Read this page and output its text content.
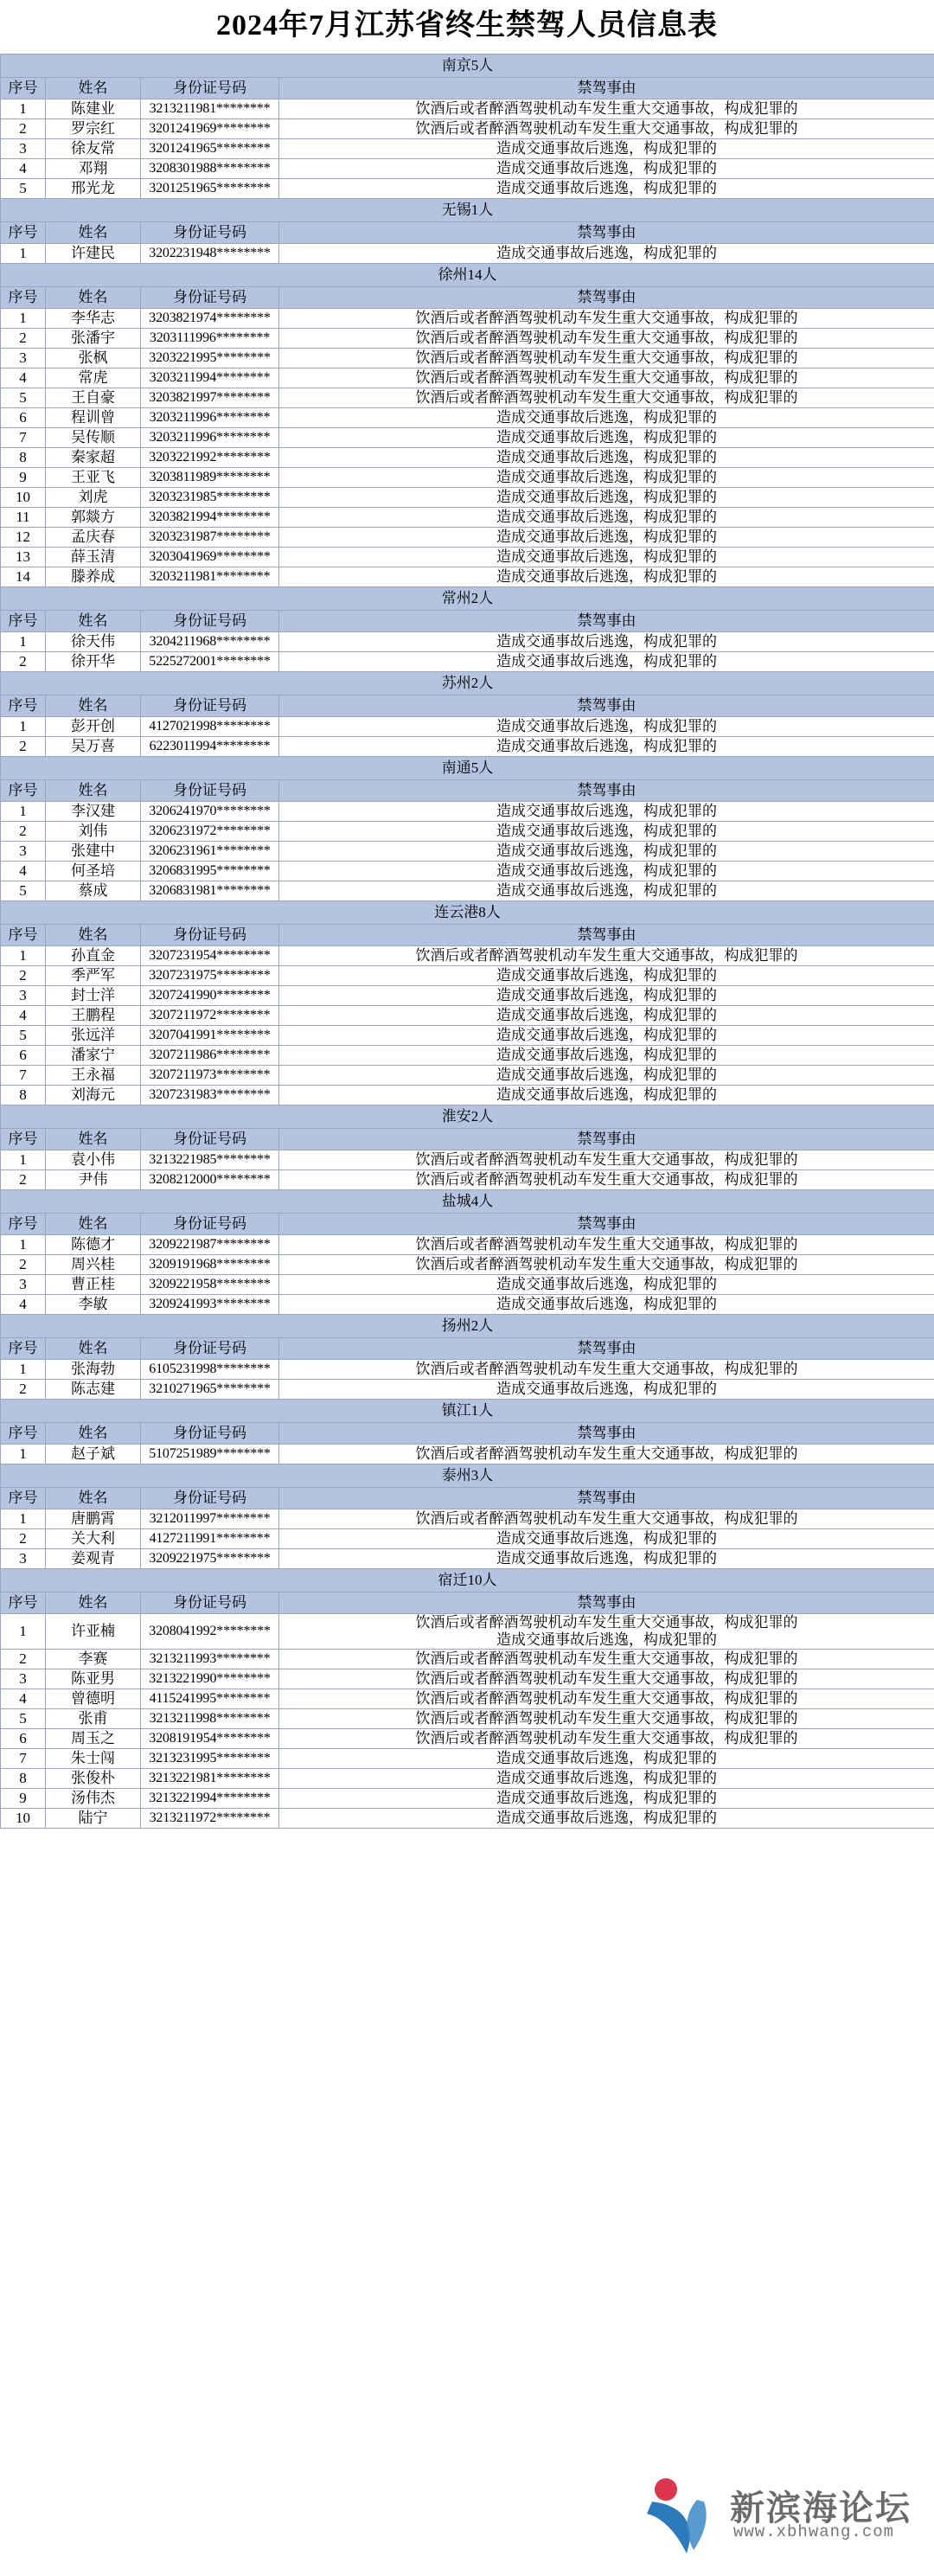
2024年7月江苏省终生禁驾人员信息表
南京5人			
序号	姓名	身份证号码	禁驾事由
1	陈建业	3213211981********	饮酒后或者醉酒驾驶机动车发生重大交通事故，构成犯罪的
2	罗宗红	3201241969********	饮酒后或者醉酒驾驶机动车发生重大交通事故，构成犯罪的
3	徐友常	3201241965********	造成交通事故后逃逸，构成犯罪的
4	邓翔	3208301988********	造成交通事故后逃逸，构成犯罪的
5	邢光龙	3201251965********	造成交通事故后逃逸，构成犯罪的
无锡1人			
序号	姓名	身份证号码	禁驾事由
1	许建民	3202231948********	造成交通事故后逃逸，构成犯罪的
徐州14人			
序号	姓名	身份证号码	禁驾事由
1	李华志	3203821974********	饮酒后或者醉酒驾驶机动车发生重大交通事故，构成犯罪的
2	张潘宇	3203111996********	饮酒后或者醉酒驾驶机动车发生重大交通事故，构成犯罪的
3	张枫	3203221995********	饮酒后或者醉酒驾驶机动车发生重大交通事故，构成犯罪的
4	常虎	3203211994********	饮酒后或者醉酒驾驶机动车发生重大交通事故，构成犯罪的
5	王自豪	3203821997********	饮酒后或者醉酒驾驶机动车发生重大交通事故，构成犯罪的
6	程训曾	3203211996********	造成交通事故后逃逸，构成犯罪的
7	吴传顺	3203211996********	造成交通事故后逃逸，构成犯罪的
8	秦家超	3203221992********	造成交通事故后逃逸，构成犯罪的
9	王亚飞	3203811989********	造成交通事故后逃逸，构成犯罪的
10	刘虎	3203231985********	造成交通事故后逃逸，构成犯罪的
11	郭燚方	3203821994********	造成交通事故后逃逸，构成犯罪的
12	孟庆春	3203231987********	造成交通事故后逃逸，构成犯罪的
13	薛玉清	3203041969********	造成交通事故后逃逸，构成犯罪的
14	滕养成	3203211981********	造成交通事故后逃逸，构成犯罪的
常州2人			
序号	姓名	身份证号码	禁驾事由
1	徐天伟	3204211968********	造成交通事故后逃逸，构成犯罪的
2	徐开华	5225272001********	造成交通事故后逃逸，构成犯罪的
苏州2人			
序号	姓名	身份证号码	禁驾事由
1	彭开创	4127021998********	造成交通事故后逃逸，构成犯罪的
2	吴万喜	6223011994********	造成交通事故后逃逸，构成犯罪的
南通5人			
序号	姓名	身份证号码	禁驾事由
1	李汉建	3206241970********	造成交通事故后逃逸，构成犯罪的
2	刘伟	3206231972********	造成交通事故后逃逸，构成犯罪的
3	张建中	3206231961********	造成交通事故后逃逸，构成犯罪的
4	何圣培	3206831995********	造成交通事故后逃逸，构成犯罪的
5	蔡成	3206831981********	造成交通事故后逃逸，构成犯罪的
连云港8人			
序号	姓名	身份证号码	禁驾事由
1	孙直金	3207231954********	饮酒后或者醉酒驾驶机动车发生重大交通事故，构成犯罪的
2	季严军	3207231975********	造成交通事故后逃逸，构成犯罪的
3	封士洋	3207241990********	造成交通事故后逃逸，构成犯罪的
4	王鹏程	3207211972********	造成交通事故后逃逸，构成犯罪的
5	张远洋	3207041991********	造成交通事故后逃逸，构成犯罪的
6	潘家宁	3207211986********	造成交通事故后逃逸，构成犯罪的
7	王永福	3207211973********	造成交通事故后逃逸，构成犯罪的
8	刘海元	3207231983********	造成交通事故后逃逸，构成犯罪的
淮安2人			
序号	姓名	身份证号码	禁驾事由
1	袁小伟	3213221985********	饮酒后或者醉酒驾驶机动车发生重大交通事故，构成犯罪的
2	尹伟	3208212000********	饮酒后或者醉酒驾驶机动车发生重大交通事故，构成犯罪的
盐城4人			
序号	姓名	身份证号码	禁驾事由
1	陈德才	3209221987********	饮酒后或者醉酒驾驶机动车发生重大交通事故，构成犯罪的
2	周兴桂	3209191968********	饮酒后或者醉酒驾驶机动车发生重大交通事故，构成犯罪的
3	曹正桂	3209221958********	造成交通事故后逃逸，构成犯罪的
4	李敏	3209241993********	造成交通事故后逃逸，构成犯罪的
扬州2人			
序号	姓名	身份证号码	禁驾事由
1	张海勃	6105231998********	饮酒后或者醉酒驾驶机动车发生重大交通事故，构成犯罪的
2	陈志建	3210271965********	造成交通事故后逃逸，构成犯罪的
镇江1人			
序号	姓名	身份证号码	禁驾事由
1	赵子斌	5107251989********	饮酒后或者醉酒驾驶机动车发生重大交通事故，构成犯罪的
泰州3人			
序号	姓名	身份证号码	禁驾事由
1	唐鹏霄	3212011997********	饮酒后或者醉酒驾驶机动车发生重大交通事故，构成犯罪的
2	关大利	4127211991********	造成交通事故后逃逸，构成犯罪的
3	姜观青	3209221975********	造成交通事故后逃逸，构成犯罪的
宿迁10人			
序号	姓名	身份证号码	禁驾事由
1	许亚楠	3208041992********	饮酒后或者醉酒驾驶机动车发生重大交通事故，构成犯罪的
造成交通事故后逃逸，构成犯罪的

2	李赛	3213211993********	饮酒后或者醉酒驾驶机动车发生重大交通事故，构成犯罪的
3	陈亚男	3213221990********	饮酒后或者醉酒驾驶机动车发生重大交通事故，构成犯罪的
4	曾德明	4115241995********	饮酒后或者醉酒驾驶机动车发生重大交通事故，构成犯罪的
5	张甫	3213211998********	饮酒后或者醉酒驾驶机动车发生重大交通事故，构成犯罪的
6	周玉之	3208191954********	饮酒后或者醉酒驾驶机动车发生重大交通事故，构成犯罪的
7	朱士闯	3213231995********	造成交通事故后逃逸，构成犯罪的
8	张俊朴	3213221981********	造成交通事故后逃逸，构成犯罪的
9	汤伟杰	3213221994********	造成交通事故后逃逸，构成犯罪的
10	陆宁	3213211972********	造成交通事故后逃逸，构成犯罪的
新滨海论坛
www.xbhwang.com
